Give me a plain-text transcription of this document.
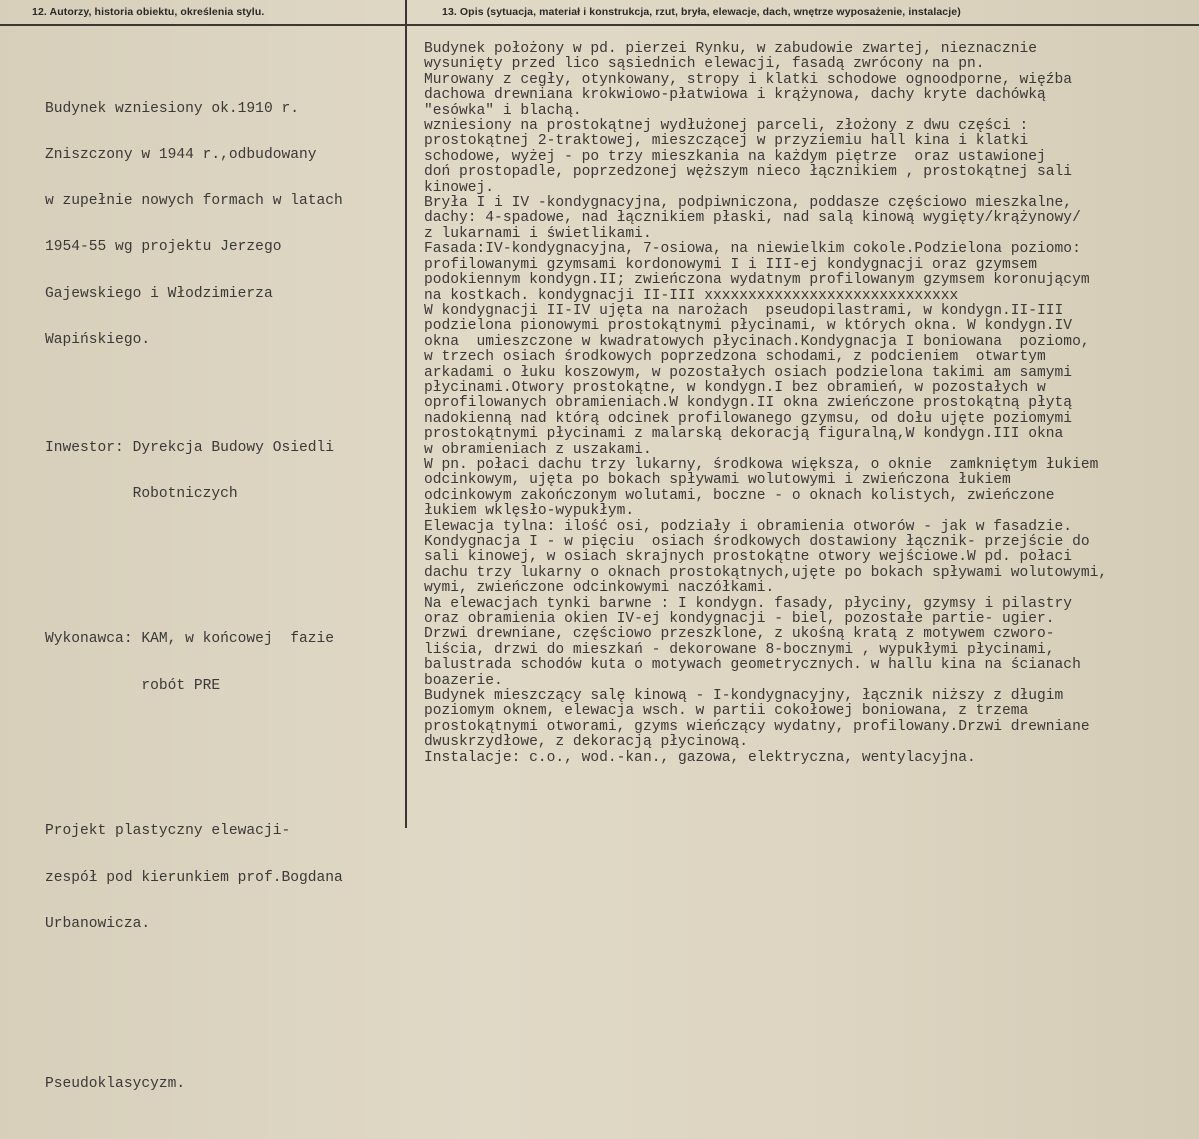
12. Autorzy, historia obiektu, określenia stylu.	13. Opis (sytuacja, materiał i konstrukcja, rzut, bryła, elewacje, dach, wnętrze wyposażenie, instalacje)

Budynek wzniesiony ok.1910 r.

Zniszczony w 1944 r.,odbudowany

w zupełnie nowych formach w latach

1954-55 wg projektu Jerzego

Gajewskiego i Włodzimierza

Wapińskiego.

Inwestor: Dyrekcja Budowy Osiedli

Robotniczych

Wykonawca: KAM, w końcowej  fazie

robót PRE

Projekt plastyczny elewacji-

zespół pod kierunkiem prof.Bogdana

Urbanowicza.

Pseudoklasycyzm.

Budynek położony w pd. pierzei Rynku, w zabudowie zwartej, nieznacznie
wysunięty przed lico sąsiednich elewacji, fasadą zwrócony na pn.
Murowany z cegły, otynkowany, stropy i klatki schodowe ognoodporne, więźba
dachowa drewniana krokwiowo-płatwiowa i krążynowa, dachy kryte dachówką
"esówka" i blachą.
wzniesiony na prostokątnej wydłużonej parceli, złożony z dwu części :
prostokątnej 2-traktowej, mieszczącej w przyziemiu hall kina i klatki
schodowe, wyżej - po trzy mieszkania na każdym piętrze  oraz ustawionej
doń prostopadle, poprzedzonej węższym nieco łącznikiem , prostokątnej sali
kinowej.
Bryła I i IV -kondygnacyjna, podpiwniczona, poddasze częściowo mieszkalne,
dachy: 4-spadowe, nad łącznikiem płaski, nad salą kinową wygięty/krążynowy/
z lukarnami i świetlikami.
Fasada:IV-kondygnacyjna, 7-osiowa, na niewielkim cokole.Podzielona poziomo:
profilowanymi gzymsami kordonowymi I i III-ej kondygnacji oraz gzymsem
podokiennym kondygn.II; zwieńczona wydatnym profilowanym gzymsem koronującym
na kostkach. kondygnacji II-III xxxxxxxxxxxxxxxxxxxxxxxxxxxxx
W kondygnacji II-IV ujęta na narożach  pseudopilastrami, w kondygn.II-III
podzielona pionowymi prostokątnymi płycinami, w których okna. W kondygn.IV
okna  umieszczone w kwadratowych płycinach.Kondygnacja I boniowana  poziomo,
w trzech osiach środkowych poprzedzona schodami, z podcieniem  otwartym
arkadami o łuku koszowym, w pozostałych osiach podzielona takimi am samymi
płycinami.Otwory prostokątne, w kondygn.I bez obramień, w pozostałych w
oprofilowanych obramieniach.W kondygn.II okna zwieńczone prostokątną płytą
nadokienną nad którą odcinek profilowanego gzymsu, od dołu ujęte poziomymi
prostokątnymi płycinami z malarską dekoracją figuralną,W kondygn.III okna
w obramieniach z uszakami.
W pn. połaci dachu trzy lukarny, środkowa większa, o oknie  zamkniętym łukiem
odcinkowym, ujęta po bokach spływami wolutowymi i zwieńczona łukiem
odcinkowym zakończonym wolutami, boczne - o oknach kolistych, zwieńczone
łukiem wklęsło-wypukłym.
Elewacja tylna: ilość osi, podziały i obramienia otworów - jak w fasadzie.
Kondygnacja I - w pięciu  osiach środkowych dostawiony łącznik- przejście do
sali kinowej, w osiach skrajnych prostokątne otwory wejściowe.W pd. połaci
dachu trzy lukarny o oknach prostokątnych,ujęte po bokach spływami wolutowymi,
wymi, zwieńczone odcinkowymi naczółkami.
Na elewacjach tynki barwne : I kondygn. fasady, płyciny, gzymsy i pilastry
oraz obramienia okien IV-ej kondygnacji - biel, pozostałe partie- ugier.
Drzwi drewniane, częściowo przeszklone, z ukośną kratą z motywem czworo-
liścia, drzwi do mieszkań - dekorowane 8-bocznymi , wypukłymi płycinami,
balustrada schodów kuta o motywach geometrycznych. w hallu kina na ścianach
boazerie.
Budynek mieszczący salę kinową - I-kondygnacyjny, łącznik niższy z długim
poziomym oknem, elewacja wsch. w partii cokołowej boniowana, z trzema
prostokątnymi otworami, gzyms wieńczący wydatny, profilowany.Drzwi drewniane
dwuskrzydłowe, z dekoracją płycinową.
Instalacje: c.o., wod.-kan., gazowa, elektryczna, wentylacyjna.
